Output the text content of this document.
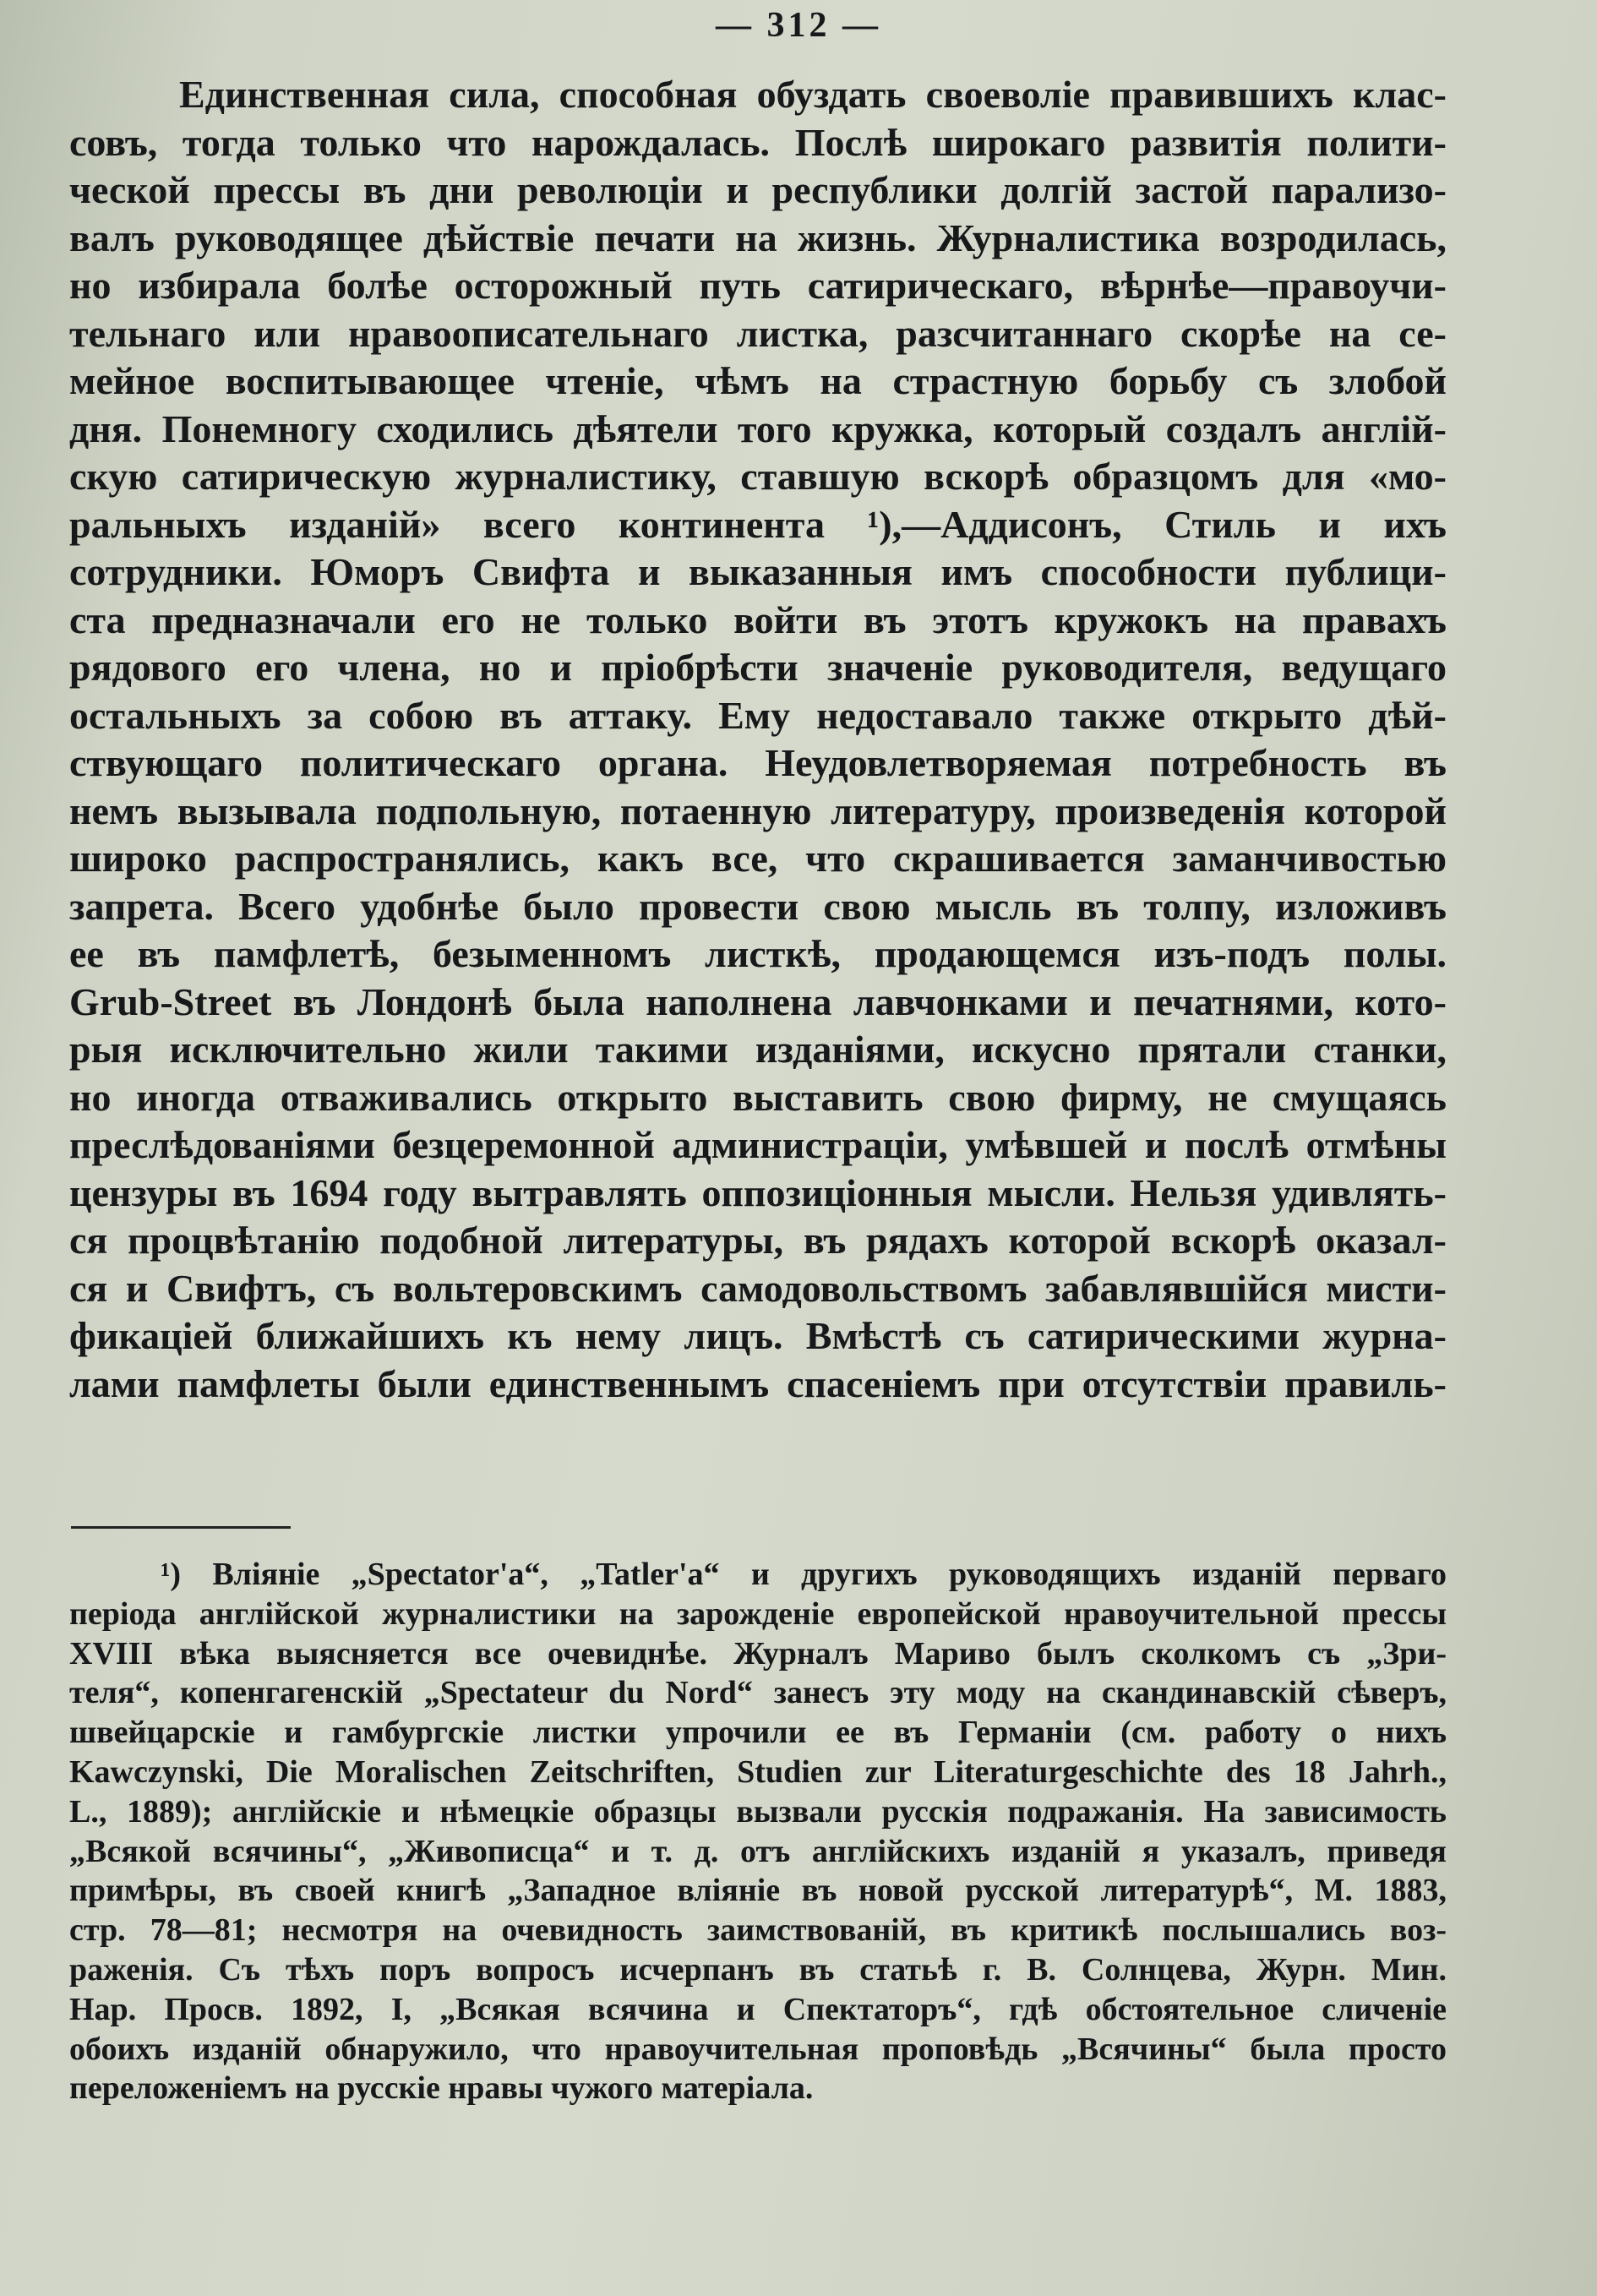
— 312 —
Единственная сила, способная обуздать своеволіе правившихъ клас-
совъ, тогда только что нарождалась. Послѣ широкаго развитія полити-
ческой прессы въ дни революціи и республики долгій застой парализо-
валъ руководящее дѣйствіе печати на жизнь. Журналистика возродилась,
но избирала болѣе осторожный путь сатирическаго, вѣрнѣе—правоучи-
тельнаго или нравоописательнаго листка, разсчитаннаго скорѣе на се-
мейное воспитывающее чтеніе, чѣмъ на страстную борьбу съ злобой
дня. Понемногу сходились дѣятели того кружка, который создалъ англій-
скую сатирическую журналистику, ставшую вскорѣ образцомъ для «мо-
ральныхъ изданій» всего континента ¹),—Аддисонъ, Стиль и ихъ
сотрудники. Юморъ Свифта и выказанныя имъ способности публици-
ста предназначали его не только войти въ этотъ кружокъ на правахъ
рядового его члена, но и пріобрѣсти значеніе руководителя, ведущаго
остальныхъ за собою въ аттаку. Ему недоставало также открыто дѣй-
ствующаго политическаго органа. Неудовлетворяемая потребность въ
немъ вызывала подпольную, потаенную литературу, произведенія которой
широко распространялись, какъ все, что скрашивается заманчивостью
запрета. Всего удобнѣе было провести свою мысль въ толпу, изложивъ
ее въ памфлетѣ, безыменномъ листкѣ, продающемся изъ-подъ полы.
Grub-Street въ Лондонѣ была наполнена лавчонками и печатнями, кото-
рыя исключительно жили такими изданіями, искусно прятали станки,
но иногда отваживались открыто выставить свою фирму, не смущаясь
преслѣдованіями безцеремонной администраціи, умѣвшей и послѣ отмѣны
цензуры въ 1694 году вытравлять оппозиціонныя мысли. Нельзя удивлять-
ся процвѣтанію подобной литературы, въ рядахъ которой вскорѣ оказал-
ся и Свифтъ, съ вольтеровскимъ самодовольствомъ забавлявшійся мисти-
фикаціей ближайшихъ къ нему лицъ. Вмѣстѣ съ сатирическими журна-
лами памфлеты были единственнымъ спасеніемъ при отсутствіи правиль-
¹) Вліяніе „Spectator'a“, „Tatler'a“ и другихъ руководящихъ изданій перваго
періода англійской журналистики на зарожденіе европейской нравоучительной прессы
XVIII вѣка выясняется все очевиднѣе. Журналъ Мариво былъ сколкомъ съ „Зри-
теля“, копенгагенскій „Spectateur du Nord“ занесъ эту моду на скандинавскій сѣверъ,
швейцарскіе и гамбургскіе листки упрочили ее въ Германіи (см. работу о нихъ
Kawczynski, Die Moralischen Zeitschriften, Studien zur Literaturgeschichte des 18 Jahrh.,
L., 1889); англійскіе и нѣмецкіе образцы вызвали русскія подражанія. На зависимость
„Всякой всячины“, „Живописца“ и т. д. отъ англійскихъ изданій я указалъ, приведя
примѣры, въ своей книгѣ „Западное вліяніе въ новой русской литературѣ“, М. 1883,
стр. 78—81; несмотря на очевидность заимствованій, въ критикѣ послышались воз-
раженія. Съ тѣхъ поръ вопросъ исчерпанъ въ статьѣ г. В. Солнцева, Журн. Мин.
Нар. Просв. 1892, I, „Всякая всячина и Спектаторъ“, гдѣ обстоятельное сличеніе
обоихъ изданій обнаружило, что нравоучительная проповѣдь „Всячины“ была просто
переложеніемъ на русскіе нравы чужого матеріала.
